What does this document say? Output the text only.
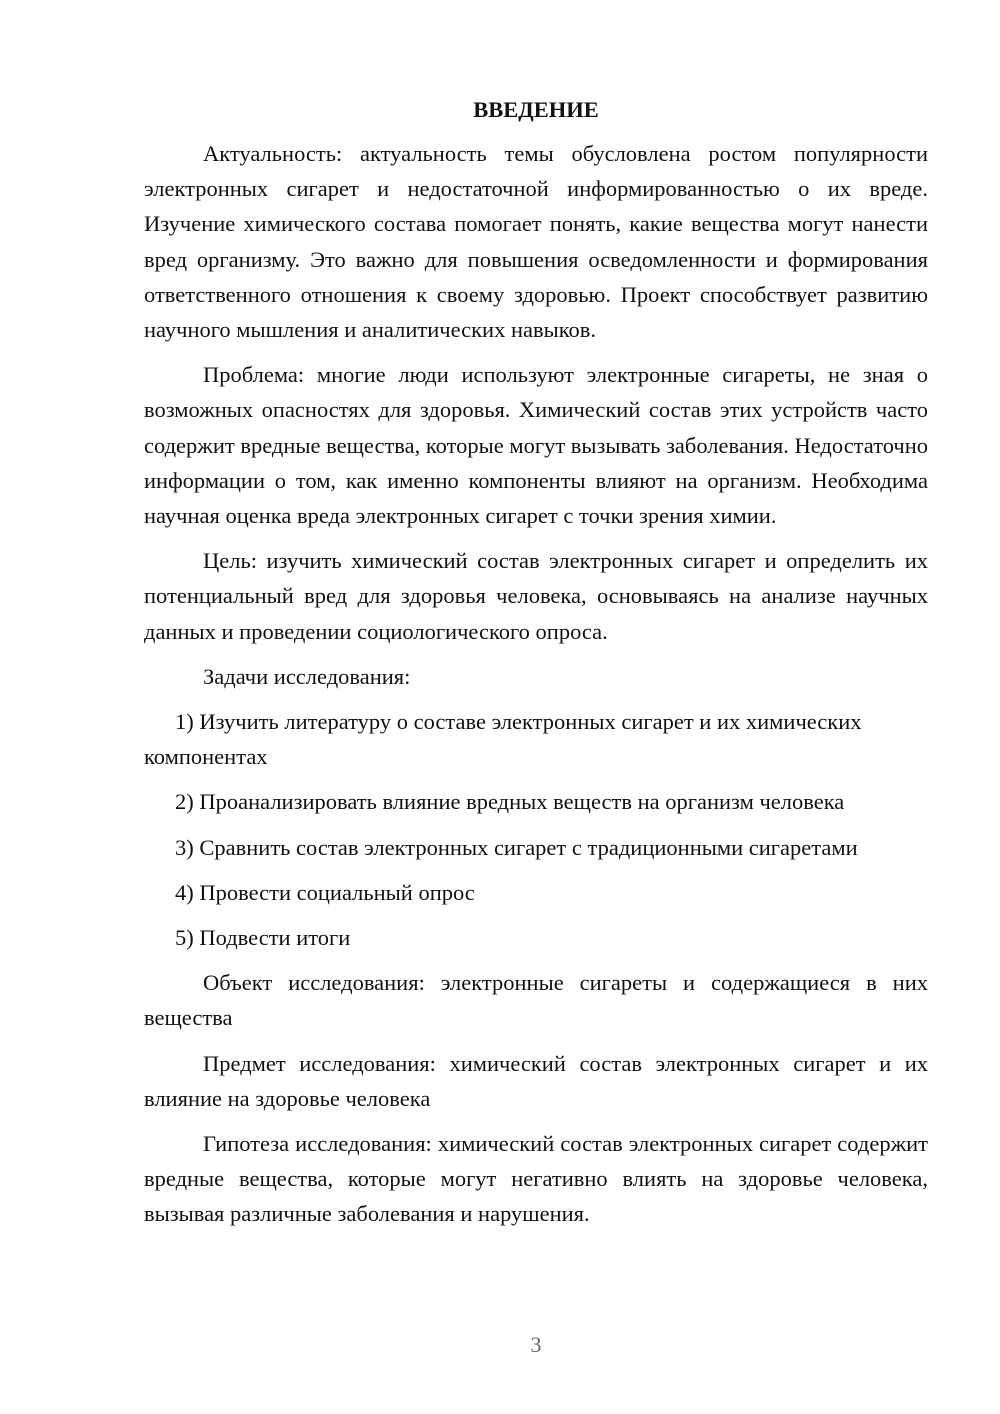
ВВЕДЕНИЕ

Актуальность: актуальность темы обусловлена ростом популярности электронных сигарет и недостаточной информированностью о их вреде. Изучение химического состава помогает понять, какие вещества могут нанести вред организму. Это важно для повышения осведомленности и формирования ответственного отношения к своему здоровью. Проект способствует развитию научного мышления и аналитических навыков.

Проблема: многие люди используют электронные сигареты, не зная о возможных опасностях для здоровья. Химический состав этих устройств часто содержит вредные вещества, которые могут вызывать заболевания. Недостаточно информации о том, как именно компоненты влияют на организм. Необходима научная оценка вреда электронных сигарет с точки зрения химии.

Цель: изучить химический состав электронных сигарет и определить их потенциальный вред для здоровья человека, основываясь на анализе научных данных и проведении социологического опроса.

Задачи исследования:

1) Изучить литературу о составе электронных сигарет и их химических компонентах

2) Проанализировать влияние вредных веществ на организм человека

3) Сравнить состав электронных сигарет с традиционными сигаретами

4) Провести социальный опрос

5) Подвести итоги

Объект исследования: электронные сигареты и содержащиеся в них вещества

Предмет исследования: химический состав электронных сигарет и их влияние на здоровье человека

Гипотеза исследования: химический состав электронных сигарет содержит вредные вещества, которые могут негативно влиять на здоровье человека, вызывая различные заболевания и нарушения.

3
